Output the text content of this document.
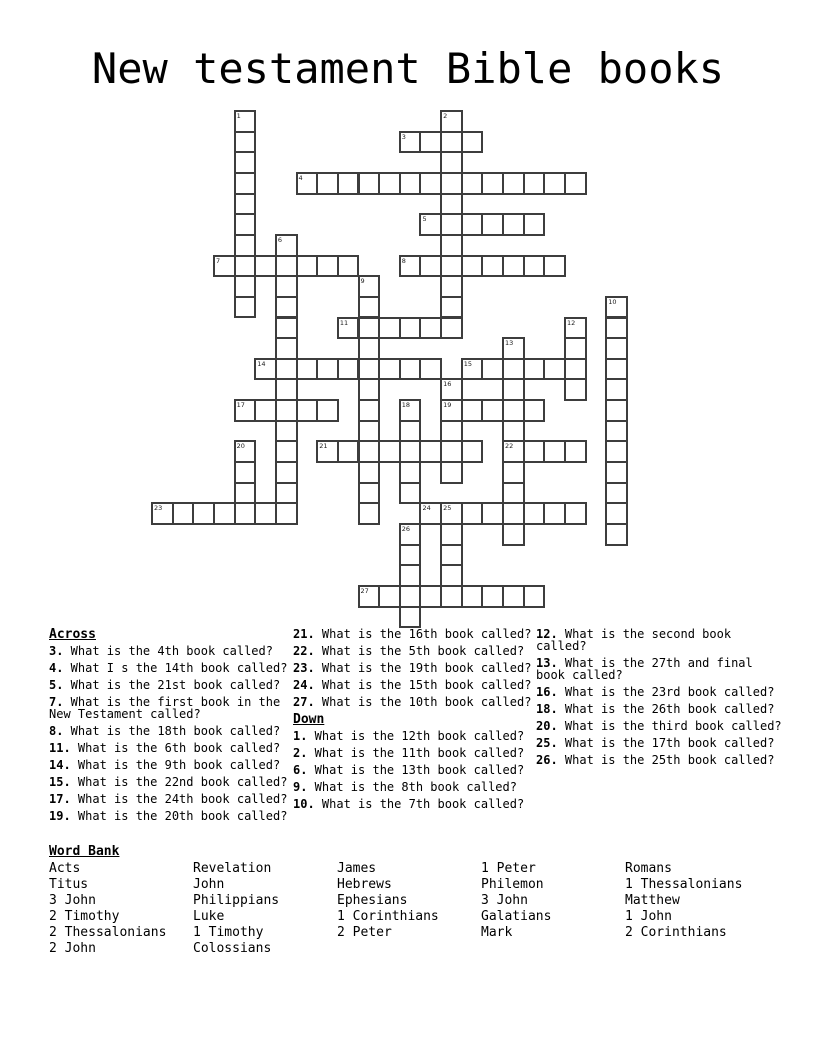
New testament Bible books
1	2
3
4
5
6
7	8
9
10
11	12
13
22
14	15
16
19
17	18
20	21
23	24 25
26
27
Across
3. What is the 4th book called?
4. What I s the 14th book called?
5. What is the 21st book called?
7. What is the first book in the New Testament called?
8. What is the 18th book called?
11. What is the 6th book called?
14. What is the 9th book called?
15. What is the 22nd book called?
17. What is the 24th book called?
19. What is the 20th book called?
21. What is the 16th book called?
22. What is the 5th book called?
23. What is the 19th book called?
24. What is the 15th book called?
27. What is the 10th book called?
Down
1. What is the 12th book called?
2. What is the 11th book called?
6. What is the 13th book called?
9. What is the 8th book called?
10. What is the 7th book called?
12. What is the second book called?
13. What is the 27th and final book called?
16. What is the 23rd book called?
18. What is the 26th book called?
20. What is the third book called?
25. What is the 17th book called?
26. What is the 25th book called?
Word Bank
Acts
Titus
3 John
2 Timothy
2 Thessalonians
2 John
Revelation
John
Philippians
Luke
1 Timothy
Colossians
James
Hebrews
Ephesians
1 Corinthians
2 Peter
1 Peter
Philemon
3 John
Galatians
Mark
Romans
1 Thessalonians
Matthew
1 John
2 Corinthians
